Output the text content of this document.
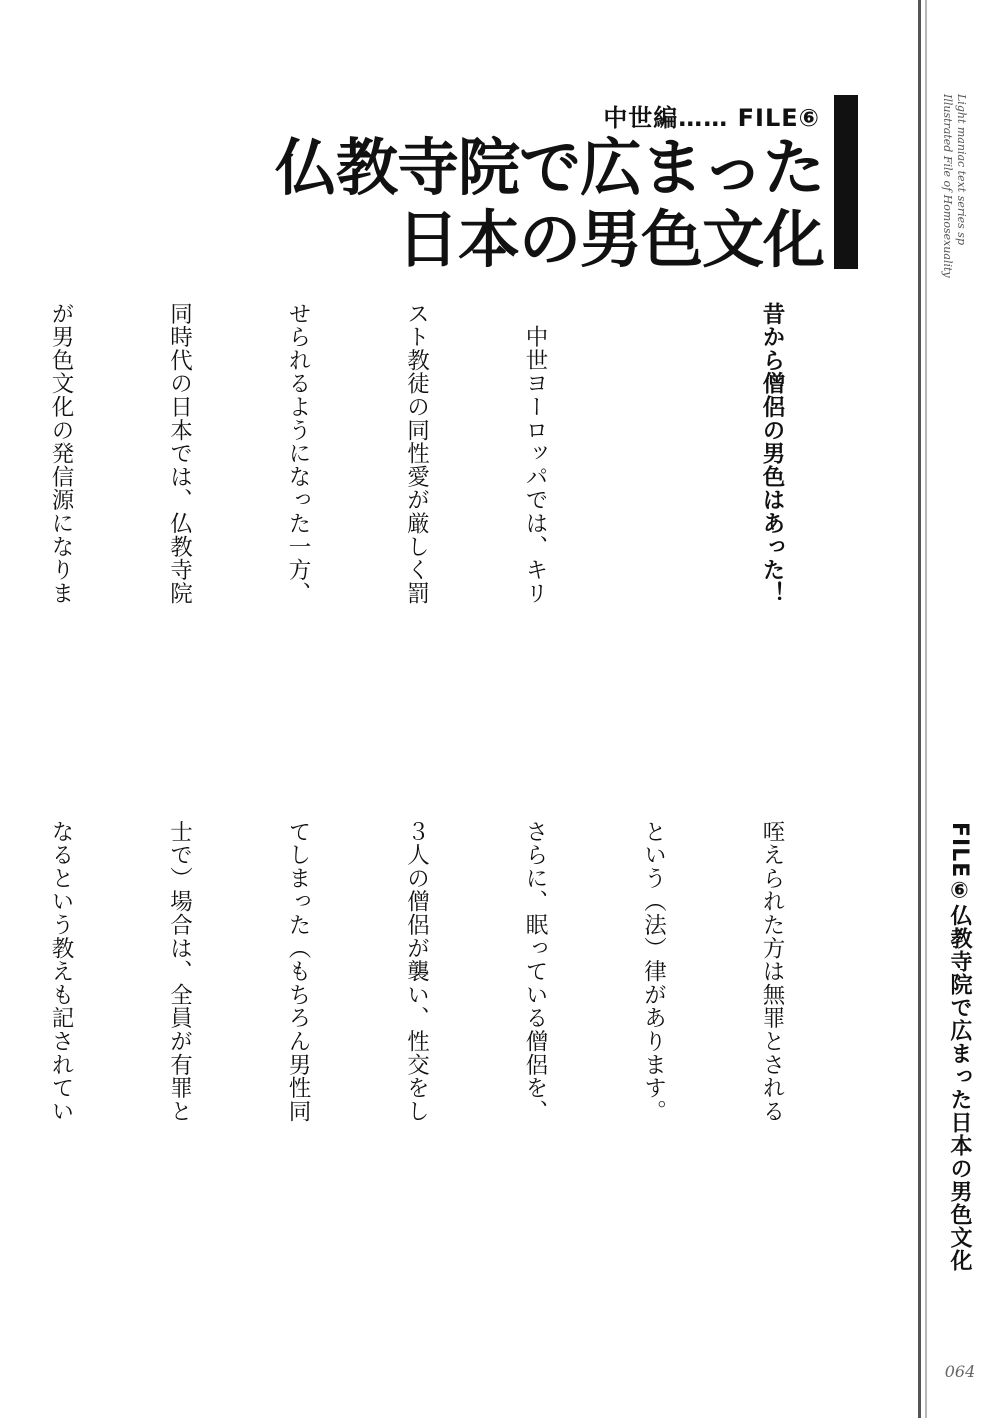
中世編…… FILE⑥
仏教寺院で広まった
日本の男色文化	Light maniac text series sp
Illustrated File of Homosexuality
FILE⑥仏教寺院で広まった日本の男色文化
064

昔から僧侶の男色はあった！

　中世ヨーロッパでは、キリ

スト教徒の同性愛が厳しく罰

せられるようになった一方、

同時代の日本では、仏教寺院

が男色文化の発信源になりま

咥えられた方は無罪とされる

という（法）律があります。

さらに、眠っている僧侶を、

３人の僧侶が襲い、性交をし

てしまった（もちろん男性同

士で）場合は、全員が有罪と

なるという教えも記されてい
